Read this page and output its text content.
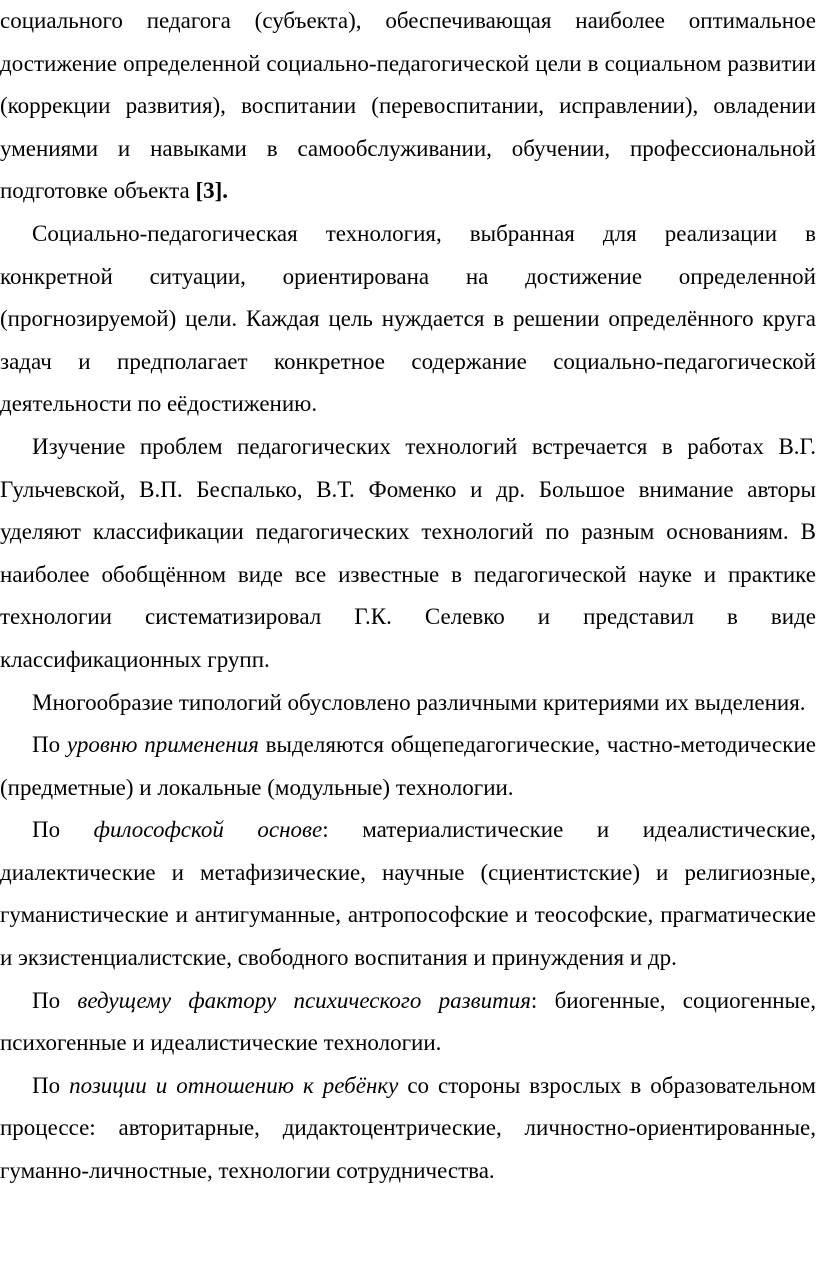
социального педагога (субъекта), обеспечивающая наиболее оптимальное достижение определенной социально-педагогической цели в социальном развитии (коррекции развития), воспитании (перевоспитании, исправлении), овладении умениями и навыками в самообслуживании, обучении, профессиональной подготовке объекта [3].

Социально-педагогическая технология, выбранная для реализации в конкретной ситуации, ориентирована на достижение определенной (прогнозируемой) цели. Каждая цель нуждается в решении определённого круга задач и предполагает конкретное содержание социально-педагогической деятельности по eёдостижению.

Изучение проблем педагогических технологий встречается в работах В.Г. Гульчевской, В.П. Беспалько, В.Т. Фоменко и др. Большое внимание авторы уделяют классификации педагогических технологий по разным основаниям. В наиболее обобщённом виде все известные в педагогической науке и практике технологии систематизировал Г.К. Селевко и представил в виде классификационных групп.

Многообразие типологий обусловлено различными критериями их выделения.

По уровню применения выделяются общепедагогические, частно-методические (предметные) и локальные (модульные) технологии.

По философской основе: материалистические и идеалистические, диалектические и метафизические, научные (сциентистские) и религиозные, гуманистические и антигуманные, антропософские и теософские, прагматические и экзистенциалистские, свободного воспитания и принуждения и др.

По ведущему фактору психического развития: биогенные, социогенные, психогенные и идеалистические технологии.

По позиции и отношению к ребёнку со стороны взрослых в образовательном процессе: авторитарные, дидактоцентрические, личностно-ориентированные, гуманно-личностные, технологии сотрудничества.
